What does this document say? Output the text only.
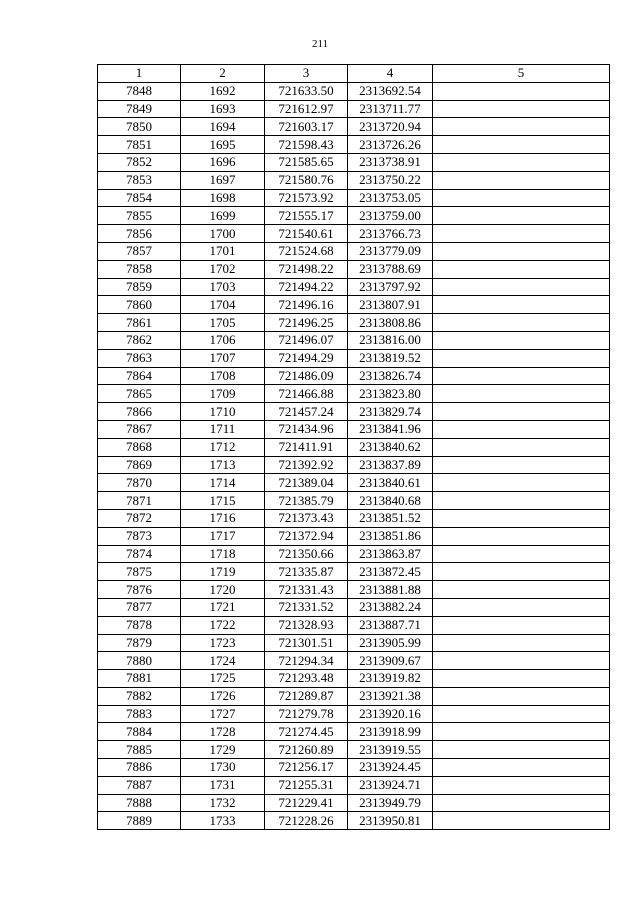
211
1	2	3	4	5
7848	1692	721633.50	2313692.54	
7849	1693	721612.97	2313711.77	
7850	1694	721603.17	2313720.94	
7851	1695	721598.43	2313726.26	
7852	1696	721585.65	2313738.91	
7853	1697	721580.76	2313750.22	
7854	1698	721573.92	2313753.05	
7855	1699	721555.17	2313759.00	
7856	1700	721540.61	2313766.73	
7857	1701	721524.68	2313779.09	
7858	1702	721498.22	2313788.69	
7859	1703	721494.22	2313797.92	
7860	1704	721496.16	2313807.91	
7861	1705	721496.25	2313808.86	
7862	1706	721496.07	2313816.00	
7863	1707	721494.29	2313819.52	
7864	1708	721486.09	2313826.74	
7865	1709	721466.88	2313823.80	
7866	1710	721457.24	2313829.74	
7867	1711	721434.96	2313841.96	
7868	1712	721411.91	2313840.62	
7869	1713	721392.92	2313837.89	
7870	1714	721389.04	2313840.61	
7871	1715	721385.79	2313840.68	
7872	1716	721373.43	2313851.52	
7873	1717	721372.94	2313851.86	
7874	1718	721350.66	2313863.87	
7875	1719	721335.87	2313872.45	
7876	1720	721331.43	2313881.88	
7877	1721	721331.52	2313882.24	
7878	1722	721328.93	2313887.71	
7879	1723	721301.51	2313905.99	
7880	1724	721294.34	2313909.67	
7881	1725	721293.48	2313919.82	
7882	1726	721289.87	2313921.38	
7883	1727	721279.78	2313920.16	
7884	1728	721274.45	2313918.99	
7885	1729	721260.89	2313919.55	
7886	1730	721256.17	2313924.45	
7887	1731	721255.31	2313924.71	
7888	1732	721229.41	2313949.79	
7889	1733	721228.26	2313950.81	
